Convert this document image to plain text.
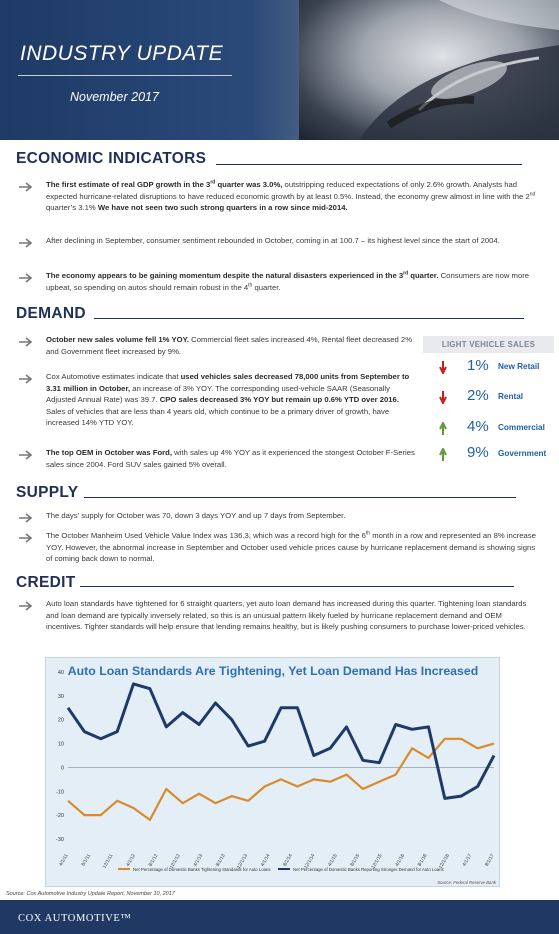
INDUSTRY UPDATE
November 2017
ECONOMIC INDICATORS
The first estimate of real GDP growth in the 3rd quarter was 3.0%, outstripping reduced expectations of only 2.6% growth. Analysts had expected hurricane-related disruptions to have reduced economic growth by at least 0.5%. Instead, the economy grew almost in line with the 2nd quarter’s 3.1% We have not seen two such strong quarters in a row since mid-2014.
After declining in September, consumer sentiment rebounded in October, coming in at 100.7 – its highest level since the start of 2004.
The economy appears to be gaining momentum despite the natural disasters experienced in the 3rd quarter. Consumers are now more upbeat, so spending on autos should remain robust in the 4th quarter.
DEMAND
October new sales volume fell 1% YOY. Commercial fleet sales increased 4%, Rental fleet decreased 2% and Government fleet increased by 9%.
Cox Automotive estimates indicate that used vehicles sales decreased 78,000 units from September to 3.31 million in October, an increase of 3% YOY. The corresponding used-vehicle SAAR (Seasonally Adjusted Annual Rate) was 39.7. CPO sales decreased 3% YOY but remain up 0.6% YTD over 2016. Sales of vehicles that are less than 4 years old, which continue to be a primary driver of growth, have increased 14% YTD YOY.
The top OEM in October was Ford, with sales up 4% YOY as it experienced the stongest October F-Series sales since 2004. Ford SUV sales gained 5% overall.
LIGHT VEHICLE SALES
1% New Retail
2% Rental
4% Commercial
9% Government
SUPPLY
The days' supply for October was 70, down 3 days YOY and up 7 days from September.
The October Manheim Used Vehicle Value Index was 136.3, which was a record high for the 6th month in a row and represented an 8% increase YOY. However, the abnormal increase in September and October used vehicle prices cause by hurricane replacement demand is showing signs of coming back down to normal.
CREDIT
Auto loan standards have tightened for 6 straight quarters, yet auto loan demand has increased during this quarter. Tightening loan standards and loan demand are typically inversely related, so this is an unusual pattern likely fueled by hurricane replacement demand and OEM incentives. Tighter standards will help ensure that lending remains healthy, but is likely pushing consumers to purchase lower-priced vehicles.
Auto Loan Standards Are Tightening, Yet Loan Demand Has Increased
-30
-20
-10
0
10
20
30
40
4/1/11 8/1/11 12/1/11 4/1/12 8/1/12 12/1/12 4/1/13 8/1/13 12/1/13 4/1/14 8/1/14 12/1/14 4/1/15 8/1/15 12/1/15 4/1/16 8/1/16 12/1/16 4/1/17 8/1/17
Net Percentage of Domestic Banks Tightening Standards for Auto Loans	Net Percentage of Domestic Banks Reporting Stronger Demand for Auto Loans
Source: Federal Reserve Bank
Source: Cox Automotive Industry Update Report, November 10, 2017
COX AUTOMOTIVE™
